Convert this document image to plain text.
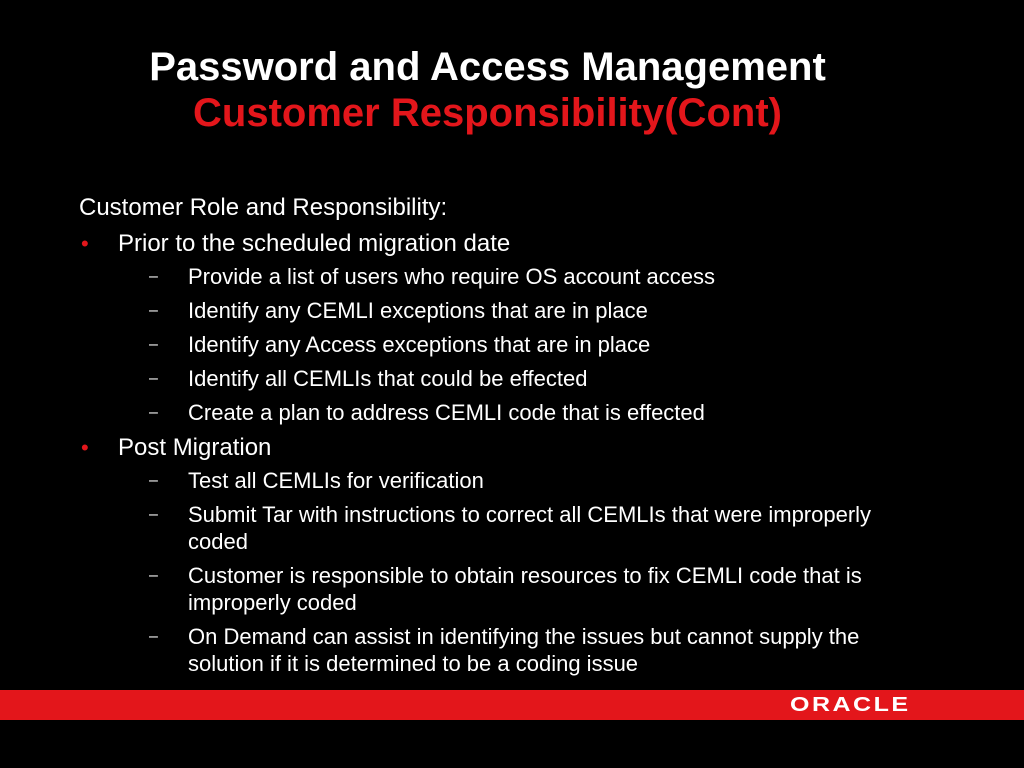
Password and Access Management
Customer Responsibility(Cont)
Customer Role and Responsibility:
• Prior to the scheduled migration date
– Provide a list of users who require OS account access
– Identify any CEMLI exceptions that are in place
– Identify any Access exceptions that are in place
– Identify all CEMLIs that could be effected
– Create a plan to address CEMLI code that is effected
• Post Migration
– Test all CEMLIs for verification
– Submit Tar with instructions to correct all CEMLIs that were improperly coded
– Customer is responsible to obtain resources to fix CEMLI code that is improperly coded
– On Demand can assist in identifying the issues but cannot supply the solution if it is determined to be a coding issue
ORACLE
